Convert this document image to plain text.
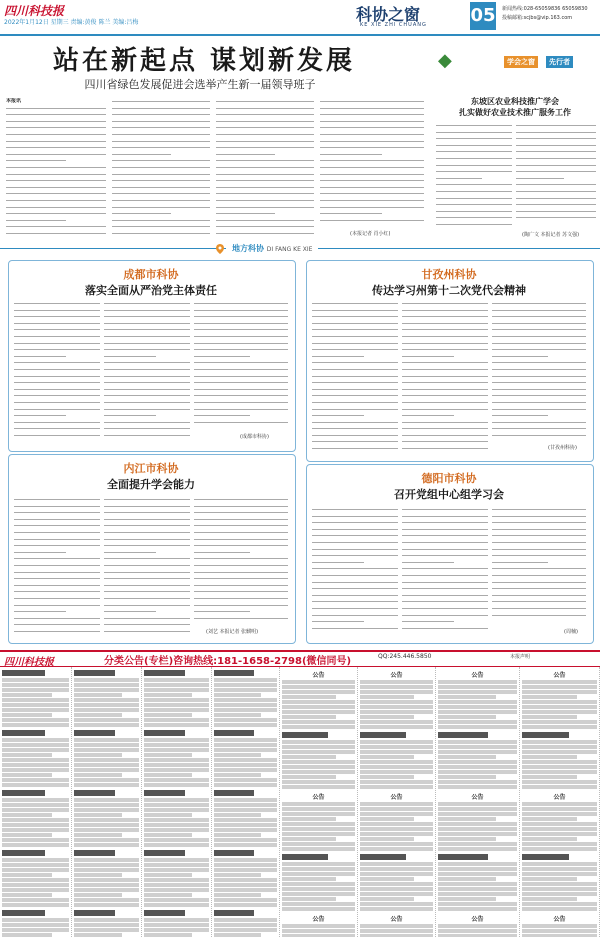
四川科技报
2022年1月12日 星期三 责编:黄俊 陈兰 美编:吕梅	科协之窗
KE XIE ZHI CHUANG 05 新闻热线:028-65059836 65059830
投稿邮箱:scjbs@vip.163.com
站在新起点 谋划新发展
四川省绿色发展促进会选举产生新一届领导班子
本报讯
(本报记者 肖小红)
◆	学会之窗	先行者
东坡区农业科技推广学会
扎实做好农业技术推广服务工作
(陶广文 本报记者 苏文强)
地方科协 DI FANG KE XIE
成都市科协
落实全面从严治党主体责任
(成都市科协)
内江市科协
全面提升学会能力
(刘艺 本报记者 张麒明)
甘孜州科协
传达学习州第十二次党代会精神
(甘孜州科协)
德阳市科协
召开党组中心组学习会
(周楠)
四川科技报	分类公告(专栏)咨询热线:181-1658-2798(微信同号)	QQ:245.446.5850	本报声明
公告
公告
公告
公告
公告
公告
公告
公告
公告
公告
公告
公告
